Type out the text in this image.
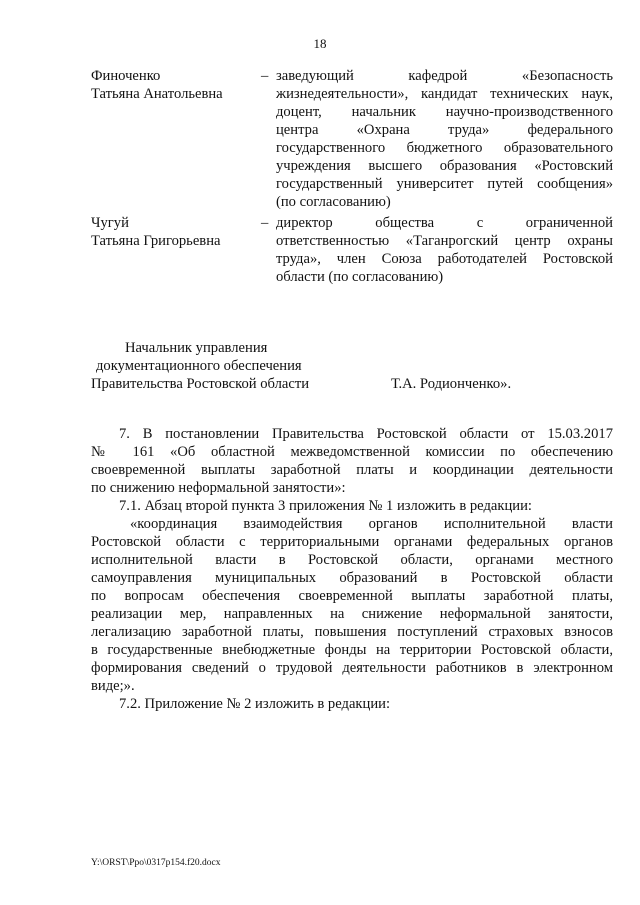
18
Финоченко
Татьяна Анатольевна
– заведующий кафедрой «Безопасность
жизнедеятельности», кандидат технических наук,
доцент, начальник научно-производственного
центра «Охрана труда» федерального
государственного бюджетного образовательного
учреждения высшего образования «Ростовский
государственный университет путей сообщения»
(по согласованию)
Чугуй
Татьяна Григорьевна
– директор общества с ограниченной
ответственностью «Таганрогский центр охраны
труда», член Союза работодателей Ростовской
области (по согласованию)
Начальник управления
документационного обеспечения
Правительства Ростовской области	Т.А. Родионченко».
7. В постановлении Правительства Ростовской области от 15.03.2017
№ 161 «Об областной межведомственной комиссии по обеспечению
своевременной выплаты заработной платы и координации деятельности
по снижению неформальной занятости»:
7.1. Абзац второй пункта 3 приложения № 1 изложить в редакции:
«координация взаимодействия органов исполнительной власти
Ростовской области с территориальными органами федеральных органов
исполнительной власти в Ростовской области, органами местного
самоуправления муниципальных образований в Ростовской области
по вопросам обеспечения своевременной выплаты заработной платы,
реализации мер, направленных на снижение неформальной занятости,
легализацию заработной платы, повышения поступлений страховых взносов
в государственные внебюджетные фонды на территории Ростовской области,
формирования сведений о трудовой деятельности работников в электронном
виде;».
7.2. Приложение № 2 изложить в редакции:
Y:\ORST\Ppo\0317p154.f20.docx
